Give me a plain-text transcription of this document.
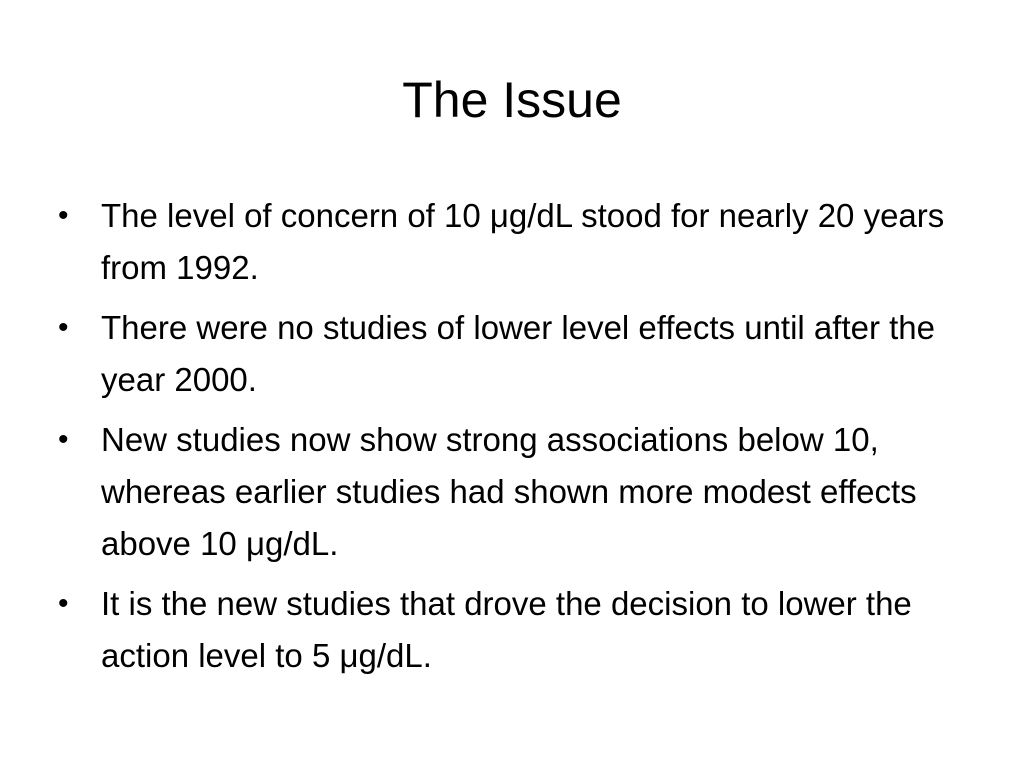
The Issue
• The level of concern of 10 μg/dL stood for nearly 20 years from 1992.
• There were no studies of lower level effects until after the year 2000.
• New studies now show strong associations below 10, whereas earlier studies had shown more modest effects above 10 μg/dL.
• It is the new studies that drove the decision to lower the action level to 5 μg/dL.
